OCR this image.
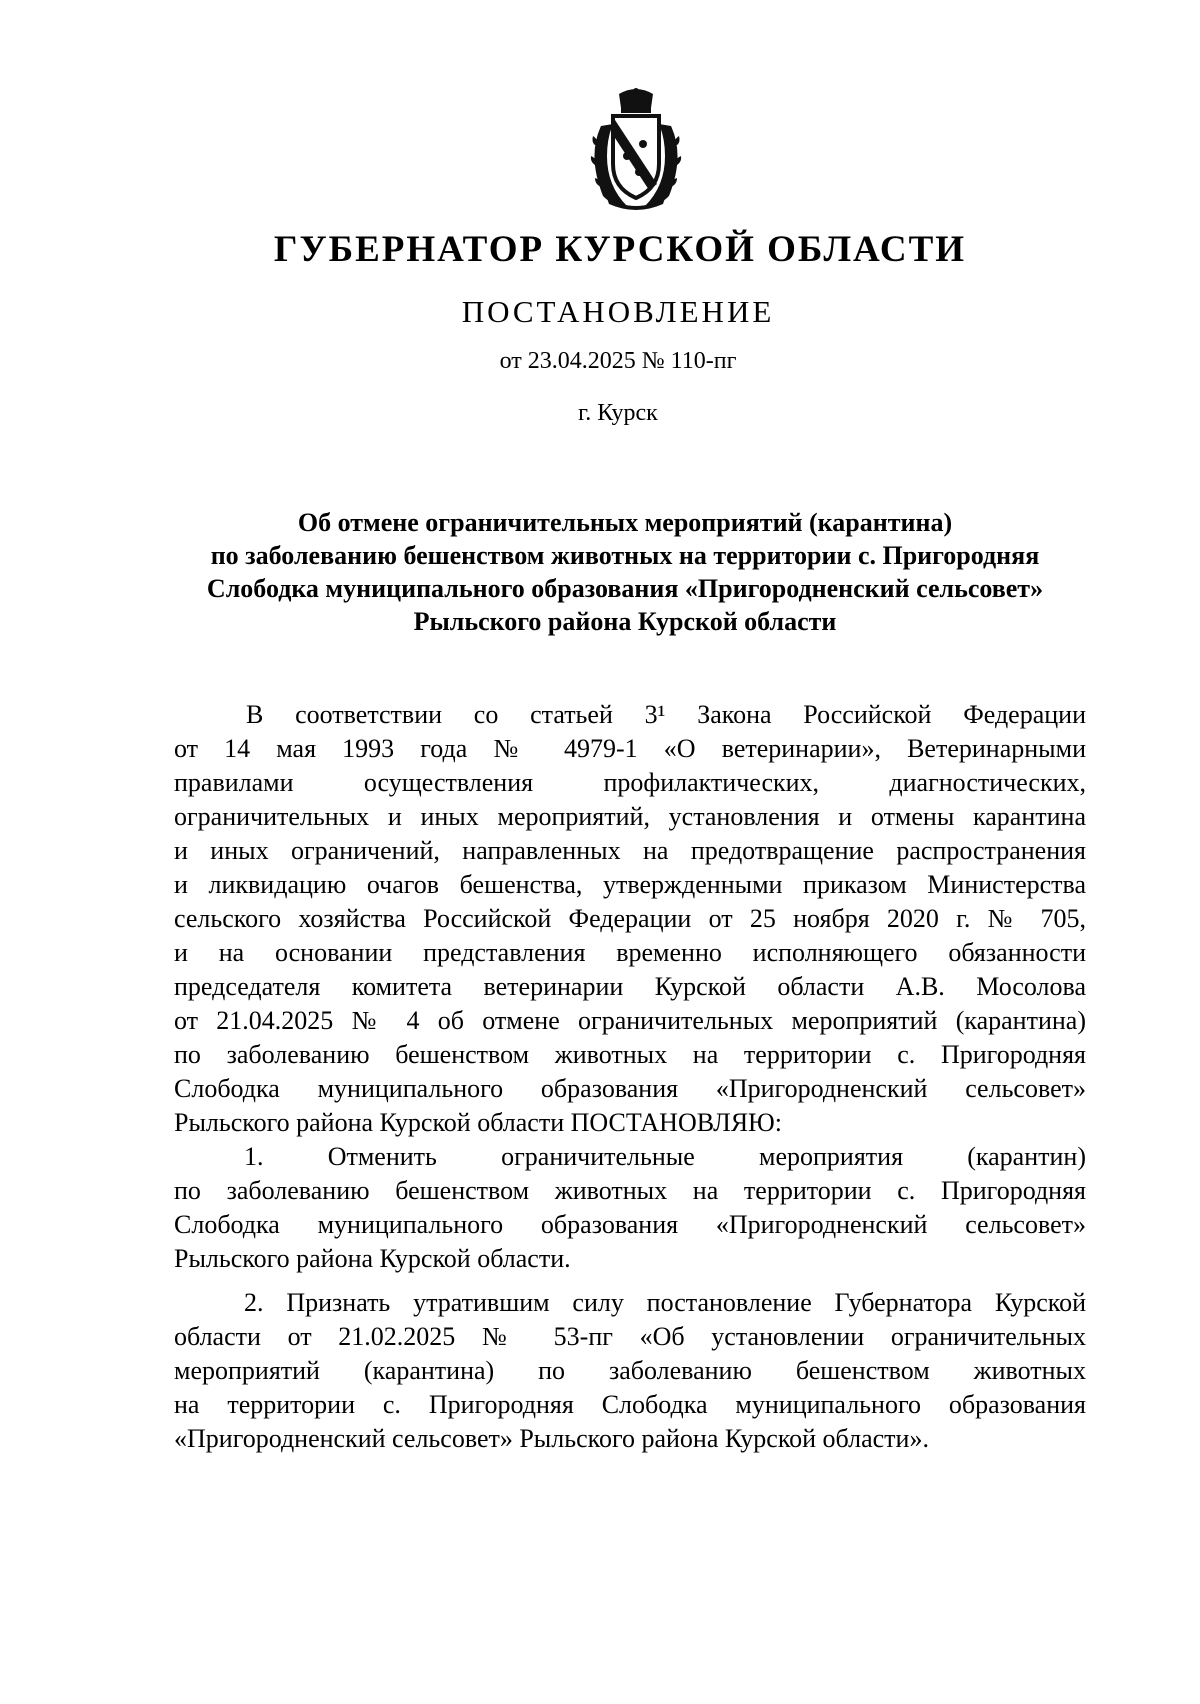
ГУБЕРНАТОР КУРСКОЙ ОБЛАСТИ
ПОСТАНОВЛЕНИЕ
от 23.04.2025 № 110-пг
г. Курск
Об отмене ограничительных мероприятий (карантина)
по заболеванию бешенством животных на территории с. Пригородняя
Слободка муниципального образования «Пригородненский сельсовет»
Рыльского района Курской области
В соответствии со статьей 3¹ Закона Российской Федерации
от 14 мая 1993 года № 4979-1 «О ветеринарии», Ветеринарными
правилами осуществления профилактических, диагностических,
ограничительных и иных мероприятий, установления и отмены карантина
и иных ограничений, направленных на предотвращение распространения
и ликвидацию очагов бешенства, утвержденными приказом Министерства
сельского хозяйства Российской Федерации от 25 ноября 2020 г. № 705,
и на основании представления временно исполняющего обязанности
председателя комитета ветеринарии Курской области А.В. Мосолова
от 21.04.2025 № 4 об отмене ограничительных мероприятий (карантина)
по заболеванию бешенством животных на территории с. Пригородняя
Слободка муниципального образования «Пригородненский сельсовет»
Рыльского района Курской области ПОСТАНОВЛЯЮ:
1. Отменить ограничительные мероприятия (карантин)
по заболеванию бешенством животных на территории с. Пригородняя
Слободка муниципального образования «Пригородненский сельсовет»
Рыльского района Курской области.
2. Признать утратившим силу постановление Губернатора Курской
области от 21.02.2025 № 53-пг «Об установлении ограничительных
мероприятий (карантина) по заболеванию бешенством животных
на территории с. Пригородняя Слободка муниципального образования
«Пригородненский сельсовет» Рыльского района Курской области».
